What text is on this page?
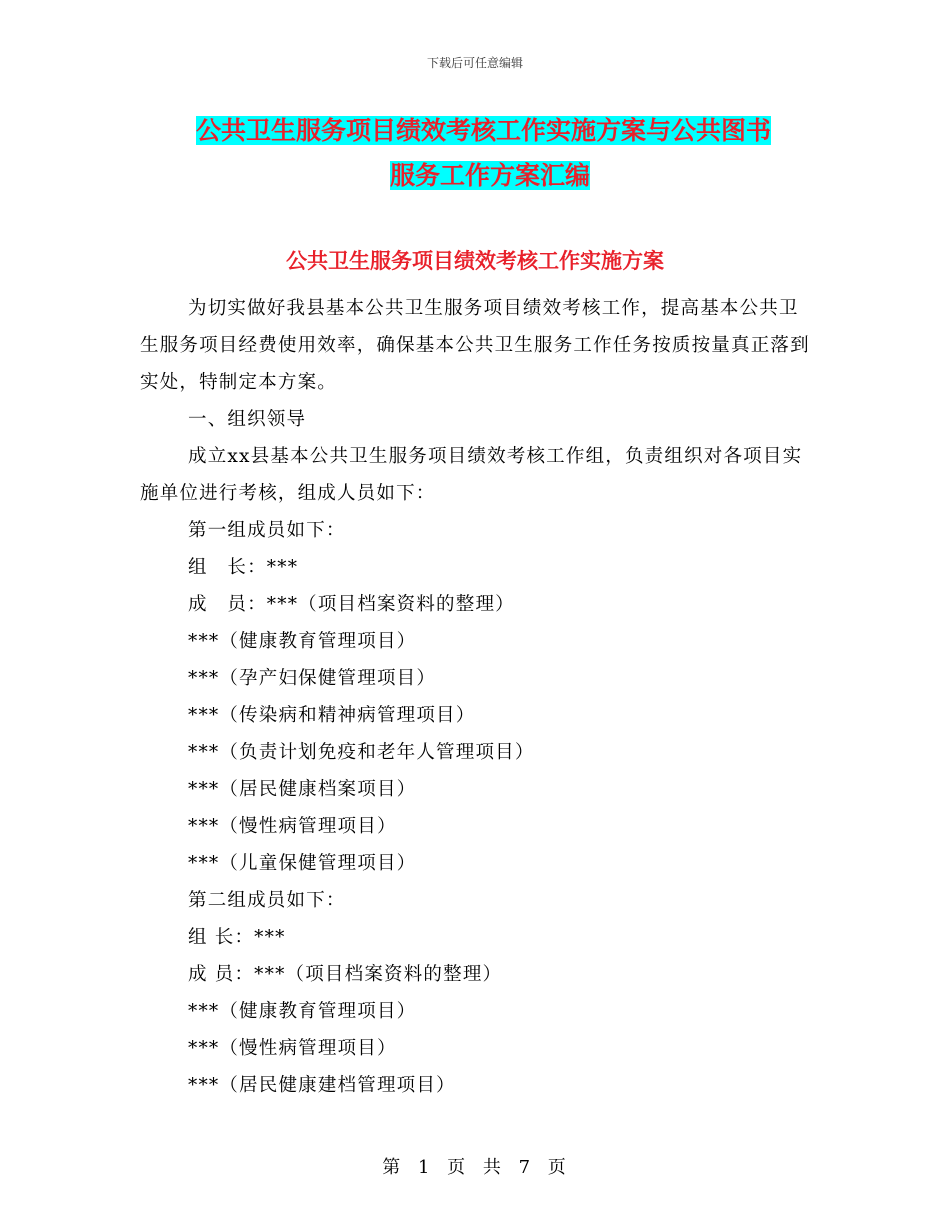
下载后可任意编辑
公共卫生服务项目绩效考核工作实施方案与公共图书
服务工作方案汇编
公共卫生服务项目绩效考核工作实施方案

为切实做好我县基本公共卫生服务项目绩效考核工作，提高基本公共卫生服务项目经费使用效率，确保基本公共卫生服务工作任务按质按量真正落到实处，特制定本方案。

一、组织领导

成立xx县基本公共卫生服务项目绩效考核工作组，负责组织对各项目实施单位进行考核，组成人员如下：

第一组成员如下：

组　长：***

成　员：***（项目档案资料的整理）

***（健康教育管理项目）

***（孕产妇保健管理项目）

***（传染病和精神病管理项目）

***（负责计划免疫和老年人管理项目）

***（居民健康档案项目）

***（慢性病管理项目）

***（儿童保健管理项目）

第二组成员如下：

组 长：***

成 员：***（项目档案资料的整理）

***（健康教育管理项目）

***（慢性病管理项目）

***（居民健康建档管理项目）

第 1 页 共 7 页
